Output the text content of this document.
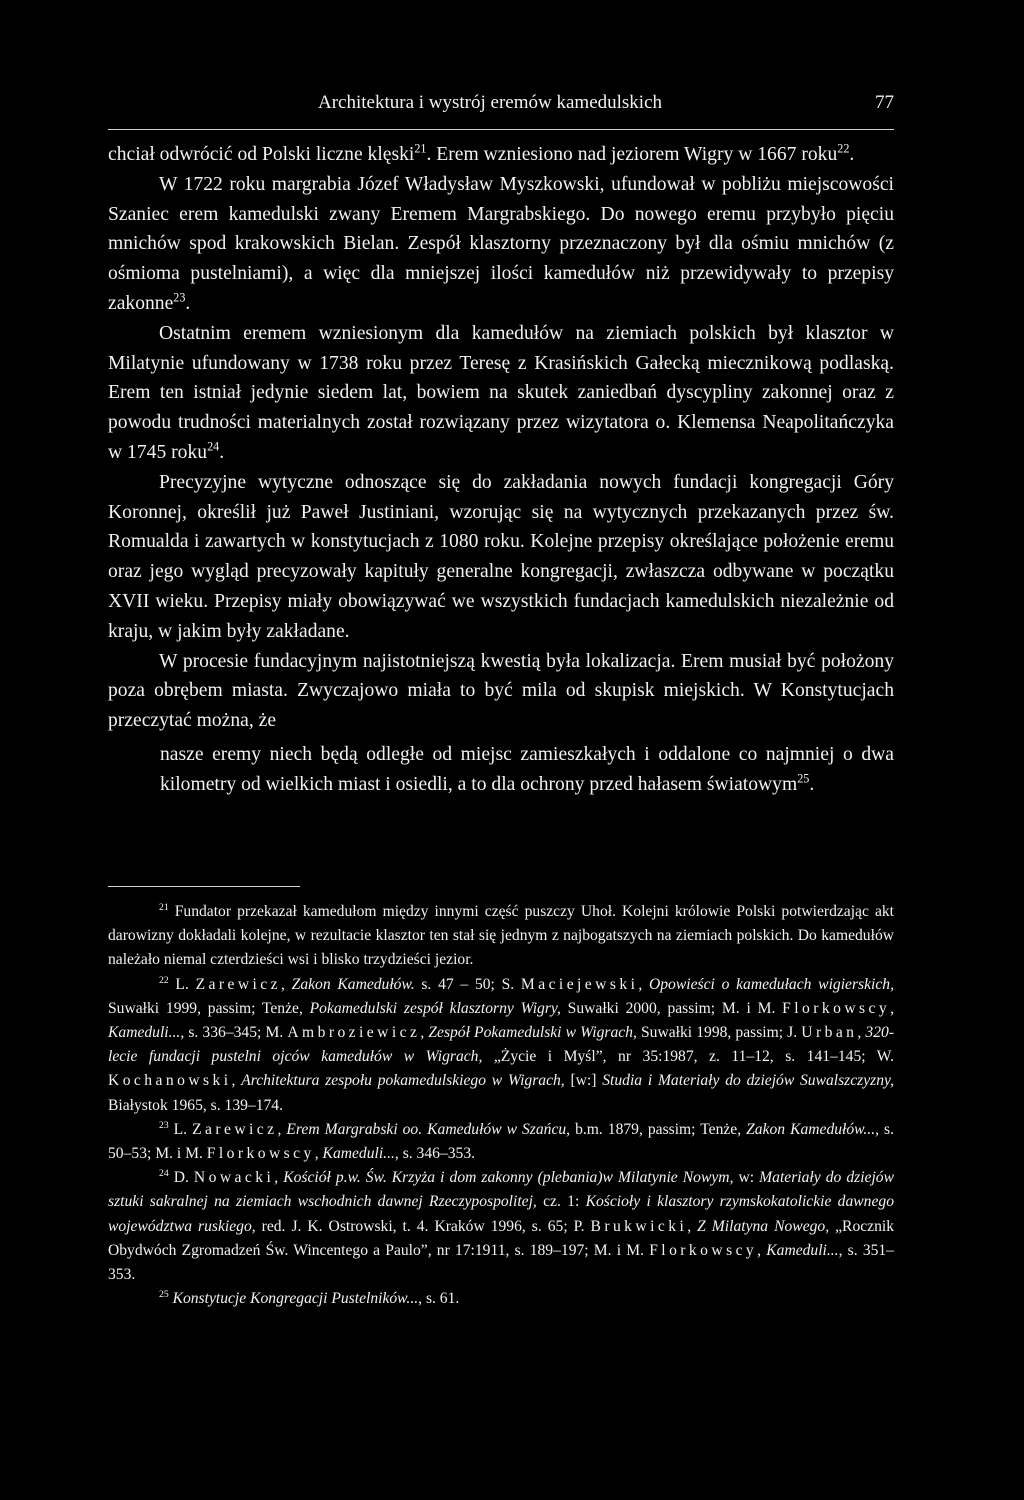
Architektura i wystrój eremów kamedulskich	77

chciał odwrócić od Polski liczne klęski$^{21}$. Erem wzniesiono nad jeziorem Wigry w 1667 roku$^{22}$.

W 1722 roku margrabia Józef Władysław Myszkowski, ufundował w pobliżu miejscowości Szaniec erem kamedulski zwany Eremem Margrabskiego. Do nowego eremu przybyło pięciu mnichów spod krakowskich Bielan. Zespół klasztorny przeznaczony był dla ośmiu mnichów (z ośmioma pustelniami), a więc dla mniejszej ilości kamedułów niż przewidywały to przepisy zakonne$^{23}$.

Ostatnim eremem wzniesionym dla kamedułów na ziemiach polskich był klasztor w Milatynie ufundowany w 1738 roku przez Teresę z Krasińskich Gałecką miecznikową podlaską. Erem ten istniał jedynie siedem lat, bowiem na skutek zaniedbań dyscypliny zakonnej oraz z powodu trudności materialnych został rozwiązany przez wizytatora o. Klemensa Neapolitańczyka w 1745 roku$^{24}$.

Precyzyjne wytyczne odnoszące się do zakładania nowych fundacji kongregacji Góry Koronnej, określił już Paweł Justiniani, wzorując się na wytycznych przekazanych przez św. Romualda i zawartych w konstytucjach z 1080 roku. Kolejne przepisy określające położenie eremu oraz jego wygląd precyzowały kapituły generalne kongregacji, zwłaszcza odbywane w początku XVII wieku. Przepisy miały obowiązywać we wszystkich fundacjach kamedulskich niezależnie od kraju, w jakim były zakładane.

W procesie fundacyjnym najistotniejszą kwestią była lokalizacja. Erem musiał być położony poza obrębem miasta. Zwyczajowo miała to być mila od skupisk miejskich. W Konstytucjach przeczytać można, że

nasze eremy niech będą odległe od miejsc zamieszkałych i oddalone co najmniej o dwa kilometry od wielkich miast i osiedli, a to dla ochrony przed hałasem światowym$^{25}$.

$^{21}$ Fundator przekazał kamedułom między innymi część puszczy Uhoł. Kolejni królowie Polski potwierdzając akt darowizny dokładali kolejne, w rezultacie klasztor ten stał się jednym z najbogatszych na ziemiach polskich. Do kamedułów należało niemal czterdzieści wsi i blisko trzydzieści jezior.

$^{22}$ L. Zarewicz, Zakon Kamedułów. s. 47 – 50; S. Maciejewski, Opowieści o kamedułach wigierskich, Suwałki 1999, passim; Tenże, Pokamedulski zespół klasztorny Wigry, Suwałki 2000, passim; M. i M. Florkowscy, Kameduli..., s. 336–345; M. Ambroziewicz, Zespół Pokamedulski w Wigrach, Suwałki 1998, passim; J. Urban, 320-lecie fundacji pustelni ojców kamedułów w Wigrach, „Życie i Myśl”, nr 35:1987, z. 11–12, s. 141–145; W. Kochanowski, Architektura zespołu pokamedulskiego w Wigrach, [w:] Studia i Materiały do dziejów Suwalszczyzny, Białystok 1965, s. 139–174.

$^{23}$ L. Zarewicz, Erem Margrabski oo. Kamedułów w Szańcu, b.m. 1879, passim; Tenże, Zakon Kamedułów..., s. 50–53; M. i M. Florkowscy, Kameduli..., s. 346–353.

$^{24}$ D. Nowacki, Kościół p.w. Św. Krzyża i dom zakonny (plebania)w Milatynie Nowym, w: Materiały do dziejów sztuki sakralnej na ziemiach wschodnich dawnej Rzeczypospolitej, cz. 1: Kościoły i klasztory rzymskokatolickie dawnego województwa ruskiego, red. J. K. Ostrowski, t. 4. Kraków 1996, s. 65; P. Brukwicki, Z Milatyna Nowego, „Rocznik Obydwóch Zgromadzeń Św. Wincentego a Paulo”, nr 17:1911, s. 189–197; M. i M. Florkowscy, Kameduli..., s. 351–353.

$^{25}$ Konstytucje Kongregacji Pustelników..., s. 61.
